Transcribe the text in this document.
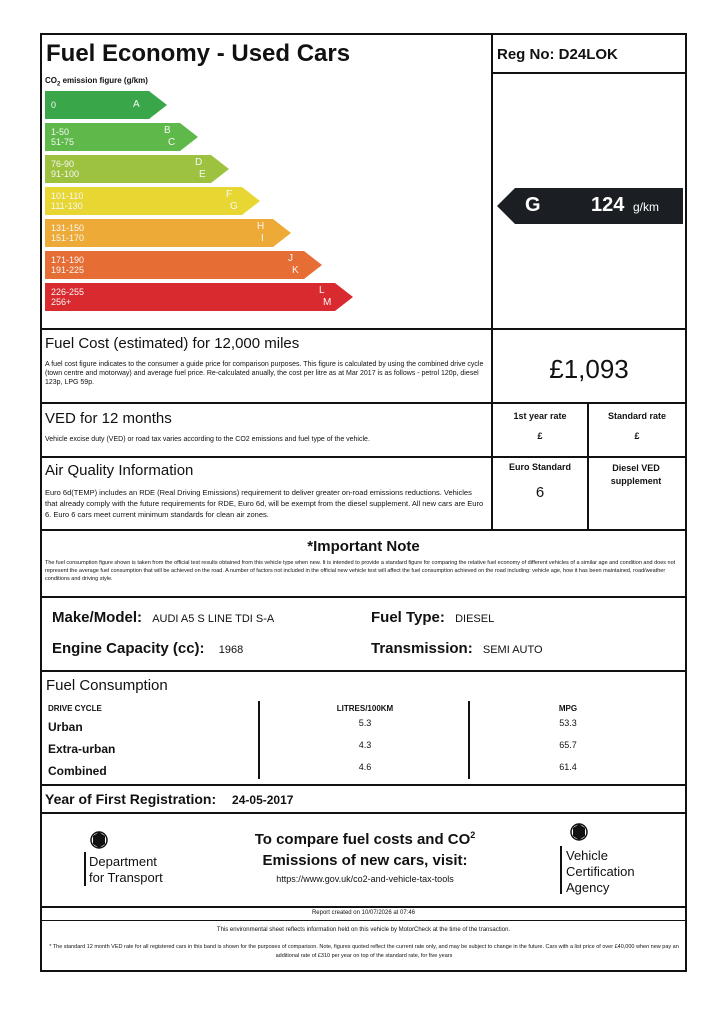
Fuel Economy - Used Cars	Reg No: D24LOK
$CO_2$ emission figure (g/km)
0	A
1-50
51-75
B
C
76-90
91-100
D
E
101-110
111-130
F
G
131-150
151-170
H
I
171-190
191-225
J
K
226-255
256+
L
M
G	124 g/km
Fuel Cost (estimated) for 12,000 miles
A fuel cost figure indicates to the consumer a guide price for comparison purposes. This figure is calculated by using the combined drive cycle (town centre and motorway) and average fuel price. Re-calculated anually, the cost per litre as at Mar 2017 is as follows - petrol 120p, diesel 123p, LPG 59p.	£1,093
VED for 12 months
Vehicle excise duty (VED) or road tax varies according to the CO2 emissions and fuel type of the vehicle.
1st year rate
£
Standard rate
£
Air Quality Information
Euro 6d(TEMP) includes an RDE (Real Driving Emissions) requirement to deliver greater on-road emissions reductions. Vehicles that already comply with the future requirements for RDE, Euro 6d, will be exempt from the diesel supplement. All new cars are Euro 6. Euro 6 cars meet current minimum standards for clean air zones.
Euro Standard
6
Diesel VED supplement
*Important Note
The fuel consumption figure shown is taken from the official test results obtained from this vehicle type when new. It is intended to provide a standard figure for comparing the relative fuel economy of different vehicles of a similar age and condition and does not represent the average fuel consumption that will be achieved on the road. A number of factors not included in the official new vehicle test will affect the fuel consumption achieved on the road including: vehicle age, how it has been maintained, road/weather conditions and driving style.
Make/Model: AUDI A5 S LINE TDI S-A	Fuel Type: DIESEL
Engine Capacity (cc): 1968	Transmission: SEMI AUTO
Fuel Consumption
DRIVE CYCLE	LITRES/100KM	MPG
Urban	5.3	53.3
Extra-urban	4.3	65.7
Combined	4.6	61.4
Year of First Registration: 24-05-2017
Department
for Transport
To compare fuel costs and $CO^2$
Emissions of new cars, visit:
https://www.gov.uk/co2-and-vehicle-tax-tools
Vehicle
Certification
Agency
Report created on 10/07/2026 at 07:46
This environmental sheet reflects information held on this vehicle by MotorCheck at the time of the transaction.
* The standard 12 month VED rate for all registered cars in this band is shown for the purposes of comparison. Note, figures quoted reflect the current rate only, and may be subject to change in the future. Cars with a list price of over £40,000 when new pay an additional rate of £310 per year on top of the standard rate, for five years
